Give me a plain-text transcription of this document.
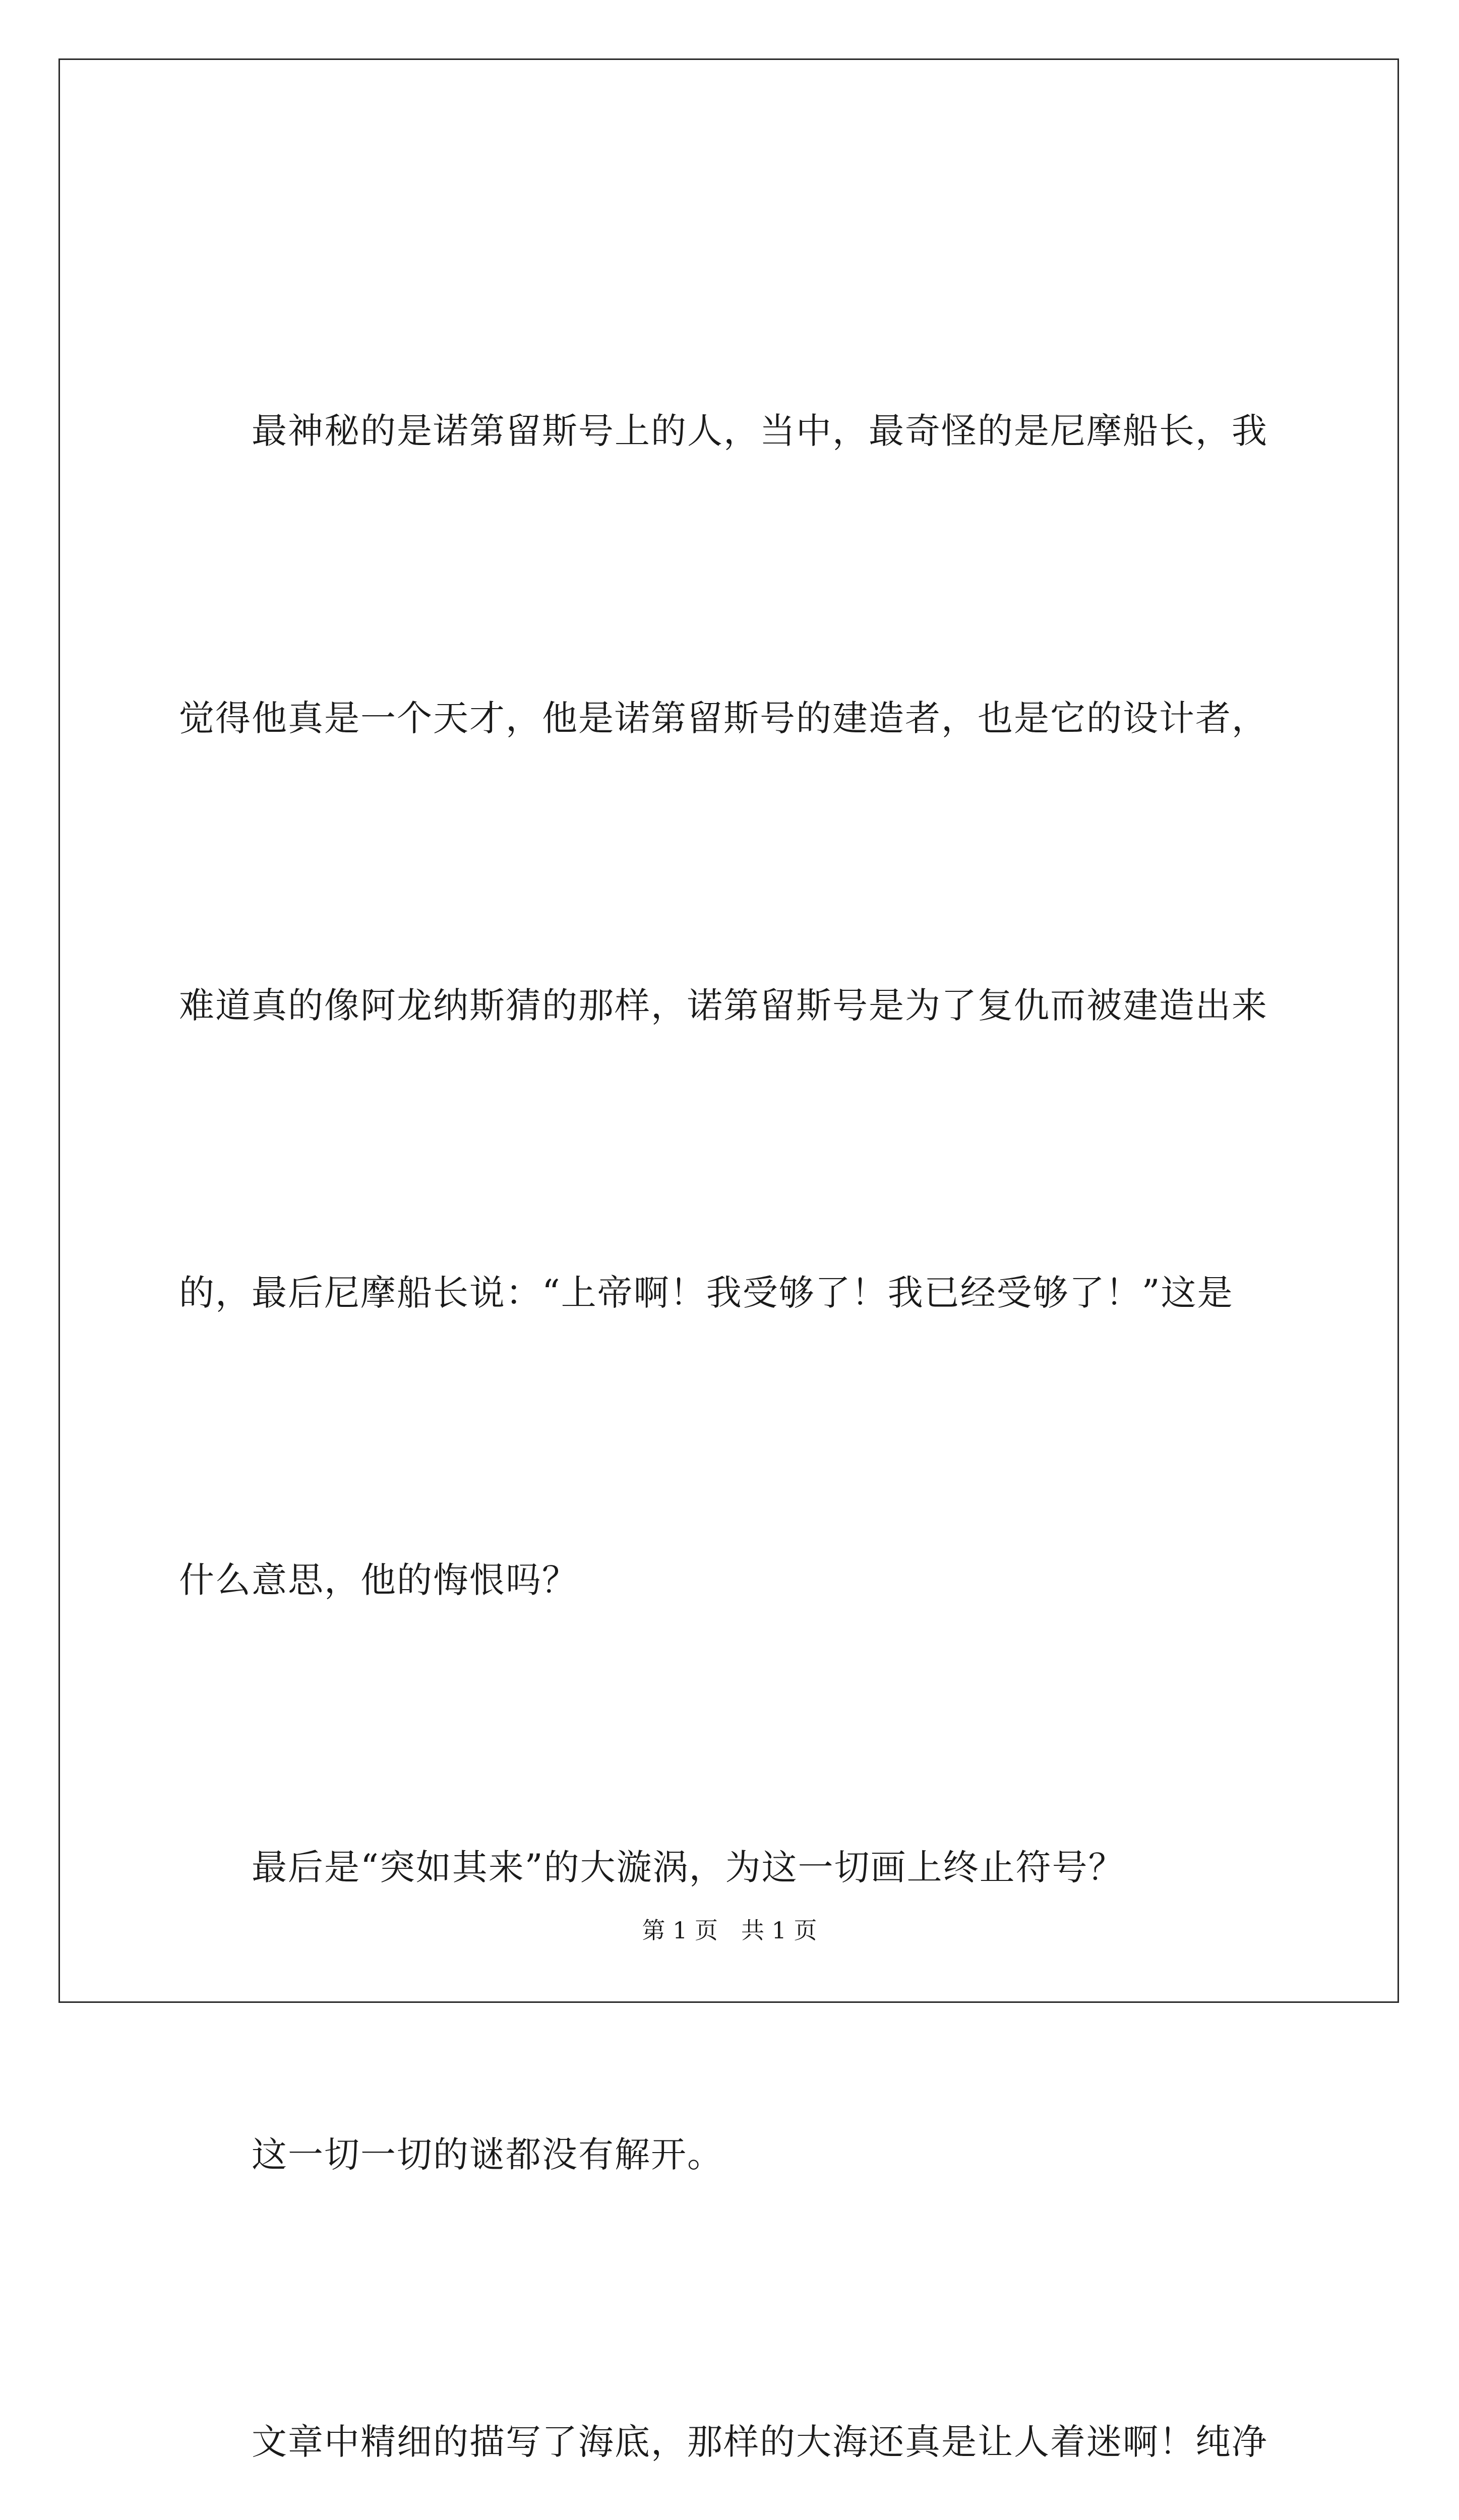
　　最神秘的是诺第留斯号上的人，当中，最奇怪的是尼摩船长，我

觉得他真是一个天才，他是诺第留斯号的建造者，也是它的设计者，

难道真的像阿龙纳斯猜的那样，诺第留斯号是为了复仇而被建造出来

的，最后尼摩船长说：“上帝啊！我受够了！我已经受够了！”这是

什么意思，他的悔恨吗？

　　最后是“突如其来”的大漩涡，为这一切画上终止符号？

　　这一切一切的谜都没有解开。

　　文章中精细的描写了海底，那样的大海还真是让人着迷啊！纯净

第 1 页　共 1 页
